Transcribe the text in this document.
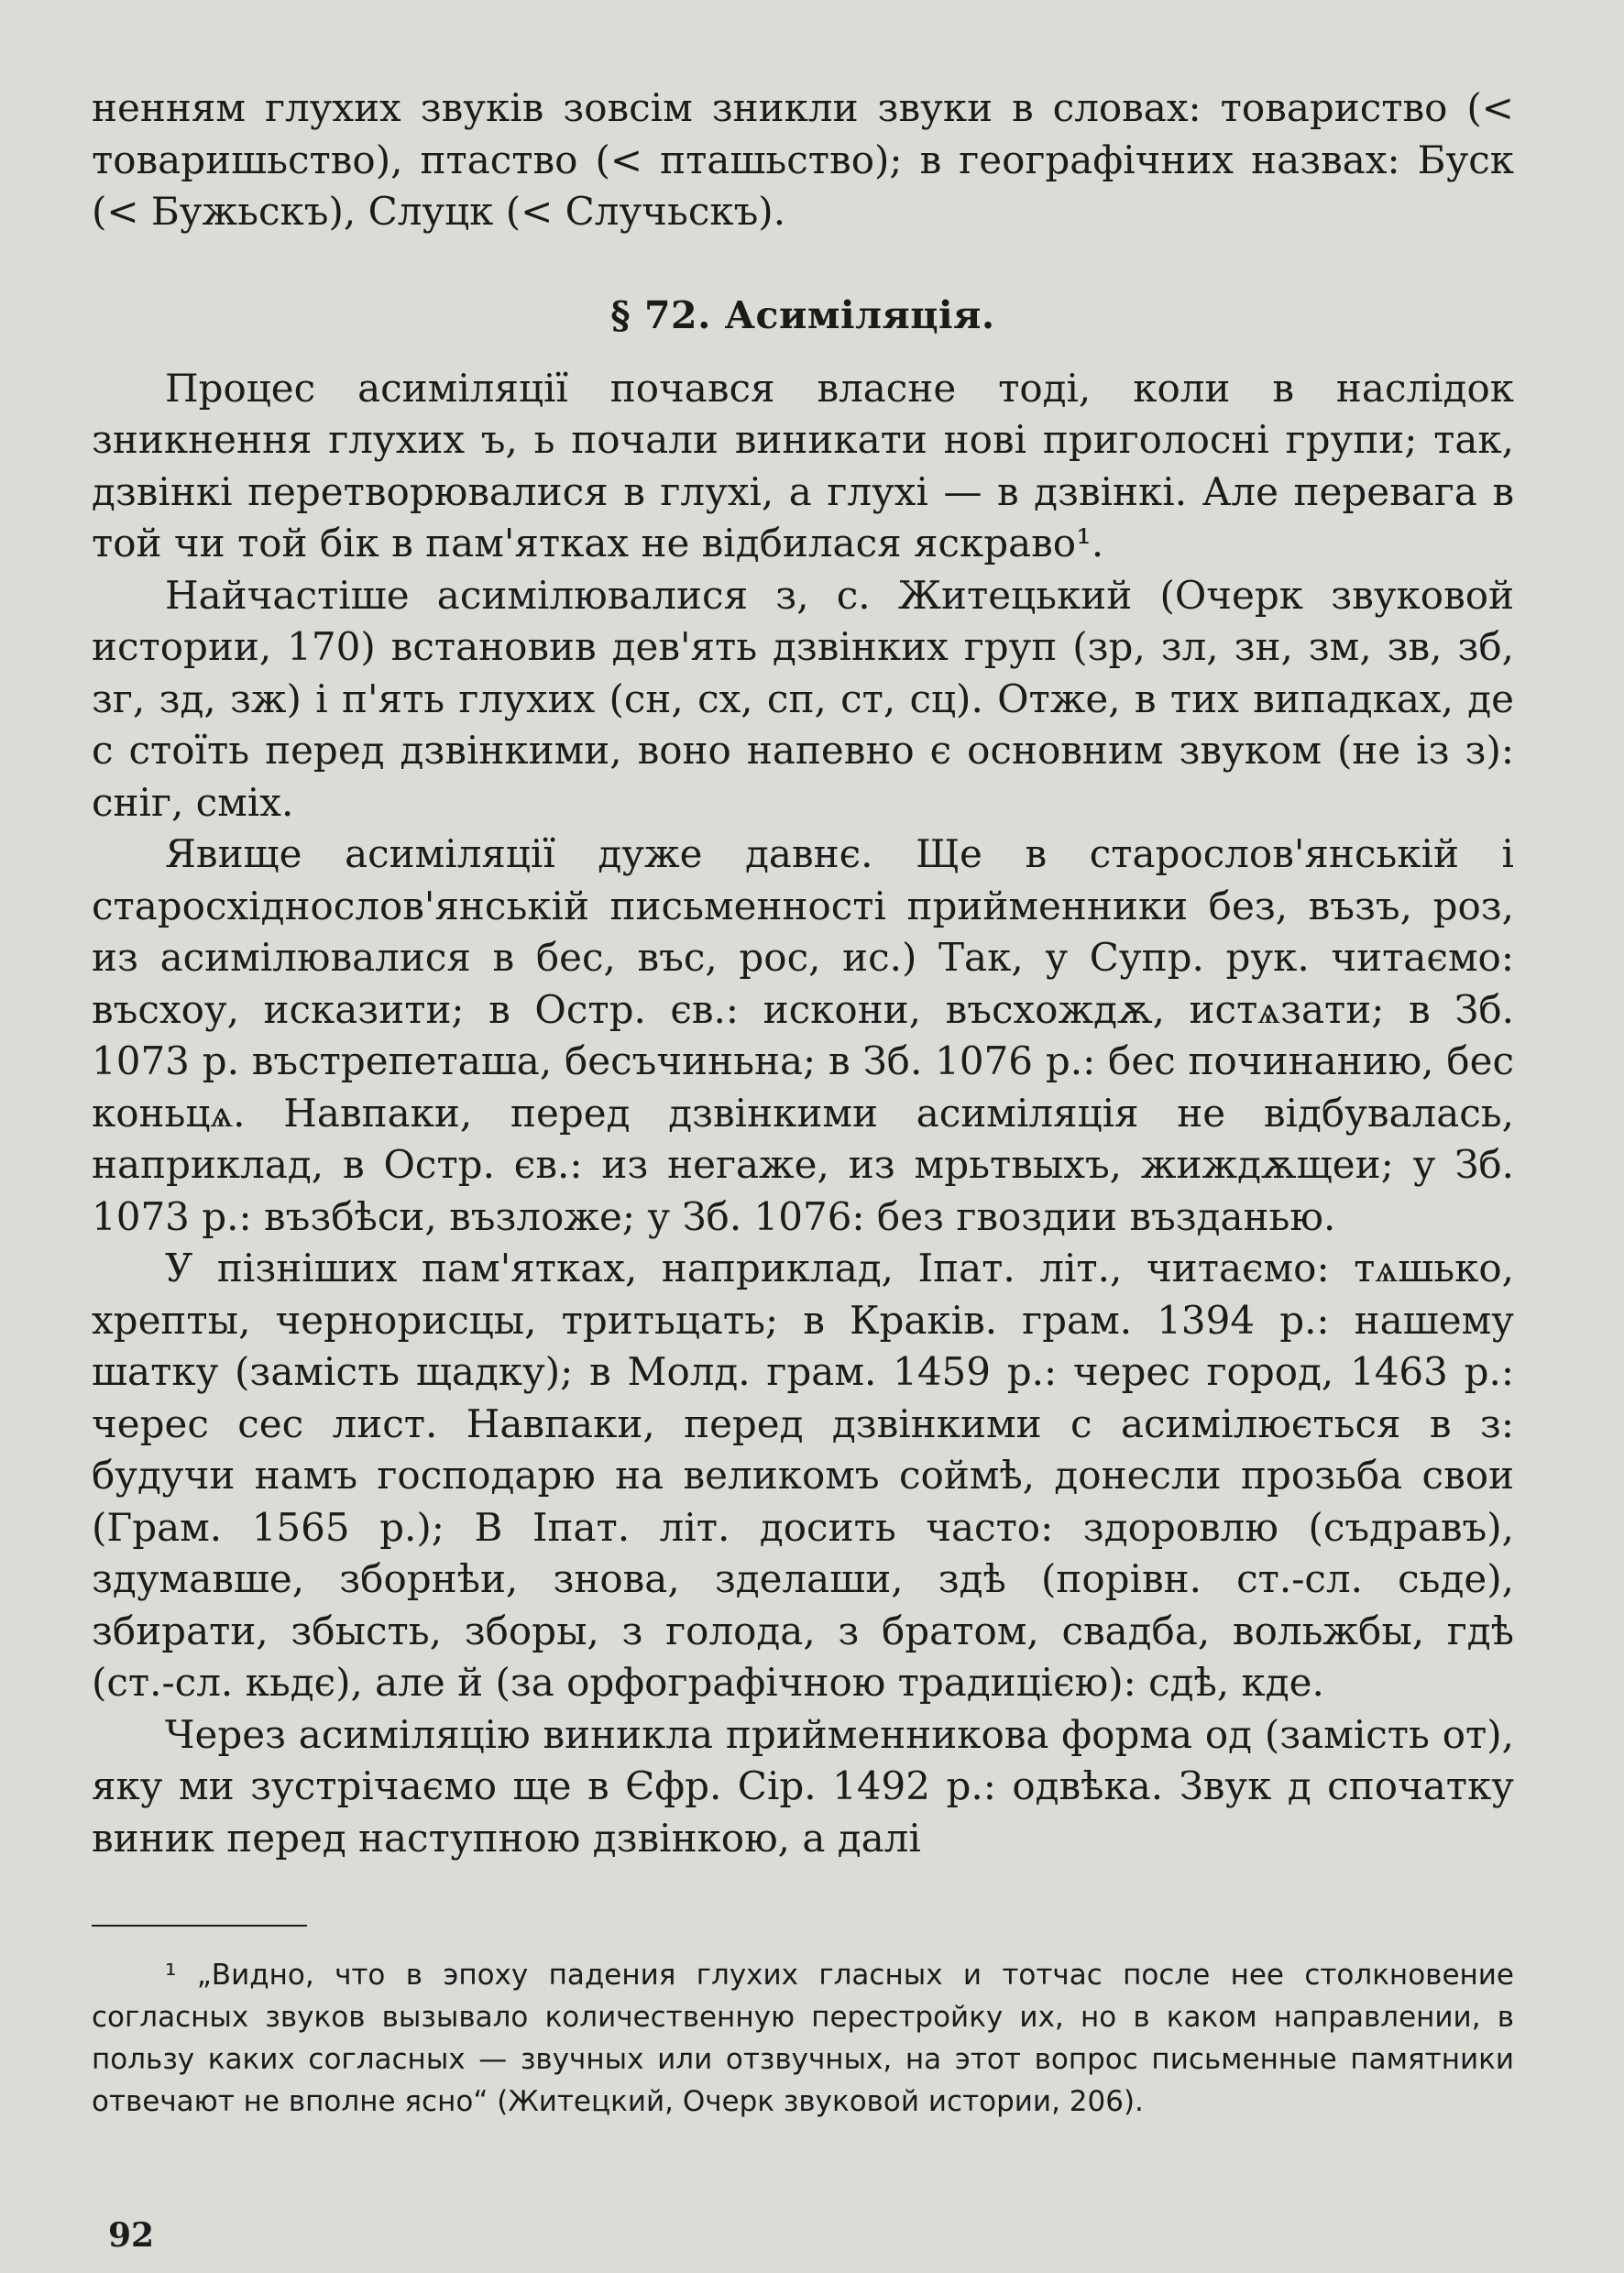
ненням глухих звуків зовсім зникли звуки в словах: товариство (< товаришьство), птаство (< пташьство); в географічних назвах: Буск (< Бужьскъ), Слуцк (< Случьскъ).

§ 72. Асиміляція.

Процес асиміляції почався власне тоді, коли в наслідок зникнення глухих ъ, ь почали виникати нові приголосні групи; так, дзвінкі перетворювалися в глухі, а глухі — в дзвінкі. Але перевага в той чи той бік в пам'ятках не відбилася яскраво¹.

Найчастіше асимілювалися з, с. Житецький (Очерк звуковой истории, 170) встановив дев'ять дзвінких груп (зр, зл, зн, зм, зв, зб, зг, зд, зж) і п'ять глухих (сн, сх, сп, ст, сц). Отже, в тих випадках, де с стоїть перед дзвінкими, воно напевно є основним звуком (не із з): сніг, сміх.

Явище асиміляції дуже давнє. Ще в старослов'янській і старосхіднослов'янській письменності прийменники без, възъ, роз, из асимілювалися в бес, въс, рос, ис.) Так, у Супр. рук. читаємо: въсхоу, исказити; в Остр. єв.: искони, въсхождѫ, истѧзати; в Зб. 1073 р. въстрепеташа, бесъчиньна; в Зб. 1076 р.: бес починанию, бес коньцѧ. Навпаки, перед дзвінкими асиміляція не відбувалась, наприклад, в Остр. єв.: из негаже, из мрьтвыхъ, жиждѫщеи; у Зб. 1073 р.: възбѣси, възложе; у Зб. 1076: без гвоздии възданью.

У пізніших пам'ятках, наприклад, Іпат. літ., читаємо: тѧшько, хрепты, чернорисцы, тритьцать; в Краків. грам. 1394 р.: нашему шатку (замість щадку); в Молд. грам. 1459 р.: черес город, 1463 р.: черес сес лист. Навпаки, перед дзвінкими с асимілюється в з: будучи намъ господарю на великомъ соймѣ, донесли прозьба свои (Грам. 1565 р.); В Іпат. літ. досить часто: здоровлю (съдравъ), здумавше, зборнѣи, знова, зделаши, здѣ (порівн. ст.-сл. сьде), збирати, збысть, зборы, з голода, з братом, свадба, вольжбы, гдѣ (ст.-сл. кьдє), але й (за орфографічною традицією): сдѣ, кде.

Через асиміляцію виникла прийменникова форма од (замість от), яку ми зустрічаємо ще в Єфр. Сір. 1492 р.: одвѣка. Звук д спочатку виник перед наступною дзвінкою, а далі

¹ „Видно, что в эпоху падения глухих гласных и тотчас после нее столкновение согласных звуков вызывало количественную перестройку их, но в каком направлении, в пользу каких согласных — звучных или отзвучных, на этот вопрос письменные памятники отвечают не вполне ясно“ (Житецкий, Очерк звуковой истории, 206).

92
